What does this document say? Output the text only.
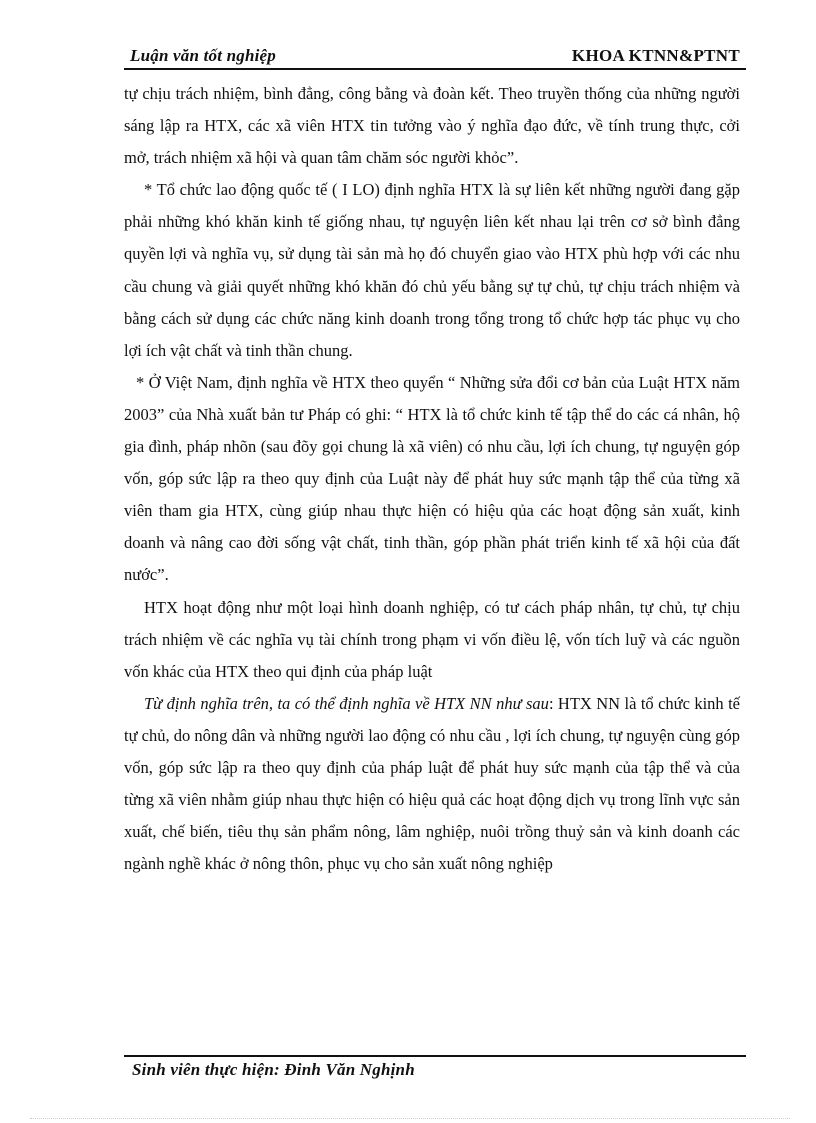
Luận văn tốt nghiệp	KHOA KTNN&PTNT

tự chịu trách nhiệm, bình đẳng, công bằng và đoàn kết. Theo truyền thống của những người sáng lập ra HTX, các xã viên HTX tin tưởng vào ý nghĩa đạo đức, về tính trung thực, cởi mở, trách nhiệm xã hội và quan tâm chăm sóc người khỏc”.

* Tổ chức lao động quốc tế ( I LO) định nghĩa HTX là sự liên kết những người đang gặp phải những khó khăn kinh tế giống nhau, tự nguyện liên kết nhau lại trên cơ sở bình đẳng quyền lợi và nghĩa vụ, sử dụng tài sản mà họ đó chuyển giao vào HTX phù hợp với các nhu cầu chung và giải quyết những khó khăn đó chủ yếu bằng sự tự chủ, tự chịu trách nhiệm và bằng cách sử dụng các chức năng kinh doanh trong tổng trong tổ chức hợp tác phục vụ cho lợi ích vật chất và tinh thần chung.

* Ở Việt Nam, định nghĩa về HTX theo quyển “ Những sửa đổi cơ bản của Luật HTX năm 2003” của Nhà xuất bản tư Pháp có ghi: “ HTX là tổ chức kinh tế tập thể do các cá nhân, hộ gia đình, pháp nhõn (sau đõy gọi chung là xã viên) có nhu cầu, lợi ích chung, tự nguyện góp vốn, góp sức lập ra theo quy định của Luật này để phát huy sức mạnh tập thể của từng xã viên tham gia HTX, cùng giúp nhau thực hiện có hiệu qủa các hoạt động sản xuất, kinh doanh và nâng cao đời sống vật chất, tinh thần, góp phần phát triển kinh tế xã hội của đất nước”.

HTX hoạt động như một loại hình doanh nghiệp, có tư cách pháp nhân, tự chủ, tự chịu trách nhiệm về các nghĩa vụ tài chính trong phạm vi vốn điều lệ, vốn tích luỹ và các nguồn vốn khác của HTX theo qui định của pháp luật

Từ định nghĩa trên, ta có thể định nghĩa về HTX NN như sau: HTX NN là tổ chức kinh tế tự chủ, do nông dân và những người lao động có nhu cầu , lợi ích chung, tự nguyện cùng góp vốn, góp sức lập ra theo quy định của pháp luật để phát huy sức mạnh của tập thể và của từng xã viên nhằm giúp nhau thực hiện có hiệu quả các hoạt động dịch vụ trong lĩnh vực sản xuất, chế biến, tiêu thụ sản phẩm nông, lâm nghiệp, nuôi trồng thuỷ sản và kinh doanh các ngành nghề khác ở nông thôn, phục vụ cho sản xuất nông nghiệp

Sinh viên thực hiện: Đinh Văn Nghịnh
